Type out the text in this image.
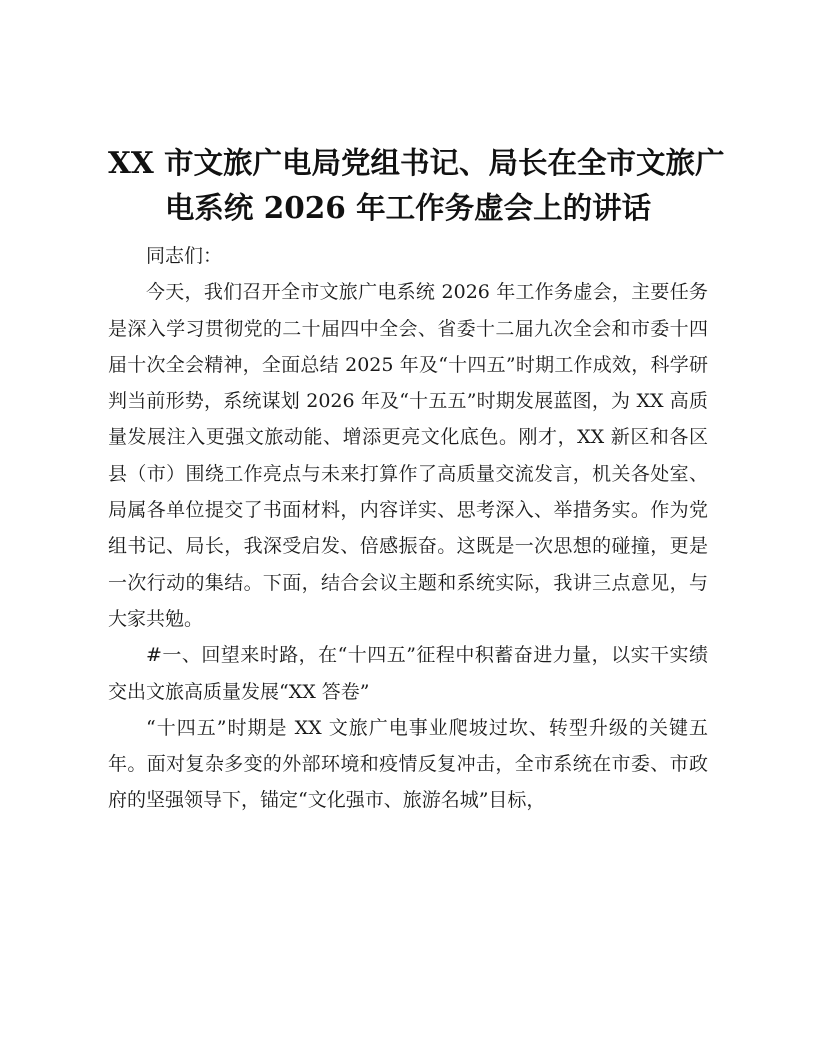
XX 市文旅广电局党组书记、局长在全市文旅广
电系统 2026 年工作务虚会上的讲话

同志们：

今天，我们召开全市文旅广电系统 2026 年工作务虚会，主要任务是深入学习贯彻党的二十届四中全会、省委十二届九次全会和市委十四届十次全会精神，全面总结 2025 年及“十四五”时期工作成效，科学研判当前形势，系统谋划 2026 年及“十五五”时期发展蓝图，为 XX 高质量发展注入更强文旅动能、增添更亮文化底色。刚才，XX 新区和各区县（市）围绕工作亮点与未来打算作了高质量交流发言，机关各处室、局属各单位提交了书面材料，内容详实、思考深入、举措务实。作为党组书记、局长，我深受启发、倍感振奋。这既是一次思想的碰撞，更是一次行动的集结。下面，结合会议主题和系统实际，我讲三点意见，与大家共勉。

#一、回望来时路，在“十四五”征程中积蓄奋进力量，以实干实绩交出文旅高质量发展“XX 答卷”

“十四五”时期是 XX 文旅广电事业爬坡过坎、转型升级的关键五年。面对复杂多变的外部环境和疫情反复冲击，全市系统在市委、市政府的坚强领导下，锚定“文化强市、旅游名城”目标，
